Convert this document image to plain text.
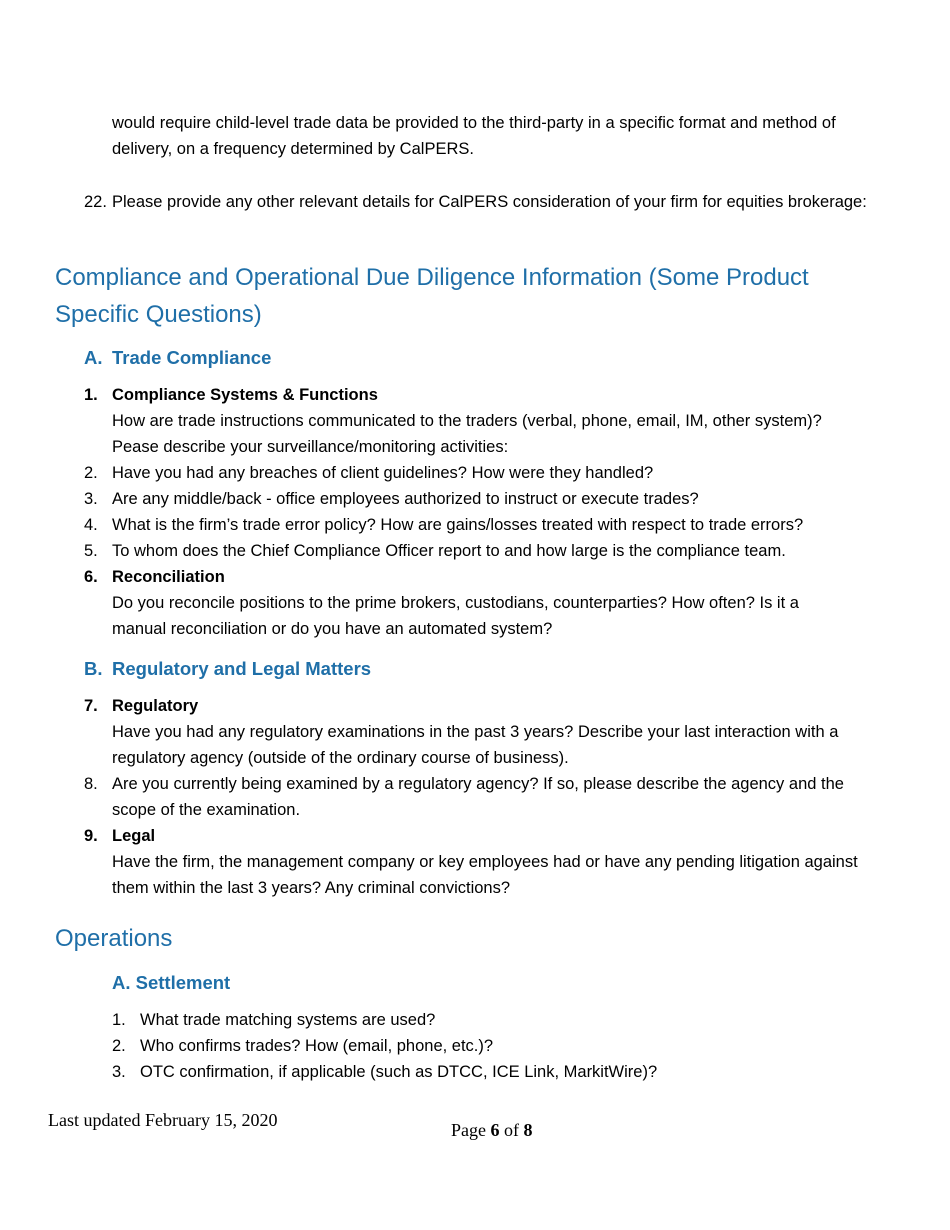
would require child-level trade data be provided to the third-party in a specific format and method of
delivery, on a frequency determined by CalPERS.
22. Please provide any other relevant details for CalPERS consideration of your firm for equities brokerage:
Compliance and Operational Due Diligence Information (Some Product
Specific Questions)
A. Trade Compliance
1. Compliance Systems & Functions
How are trade instructions communicated to the traders (verbal, phone, email, IM, other system)?
Pease describe your surveillance/monitoring activities:
2. Have you had any breaches of client guidelines? How were they handled?
3. Are any middle/back - office employees authorized to instruct or execute trades?
4. What is the firm’s trade error policy? How are gains/losses treated with respect to trade errors?
5. To whom does the Chief Compliance Officer report to and how large is the compliance team.
6. Reconciliation
Do you reconcile positions to the prime brokers, custodians, counterparties? How often? Is it a
manual reconciliation or do you have an automated system?
B. Regulatory and Legal Matters
7. Regulatory
Have you had any regulatory examinations in the past 3 years? Describe your last interaction with a
regulatory agency (outside of the ordinary course of business).
8. Are you currently being examined by a regulatory agency? If so, please describe the agency and the
scope of the examination.
9. Legal
Have the firm, the management company or key employees had or have any pending litigation against
them within the last 3 years? Any criminal convictions?
Operations
A. Settlement
1. What trade matching systems are used?
2. Who confirms trades? How (email, phone, etc.)?
3. OTC confirmation, if applicable (such as DTCC, ICE Link, MarkitWire)?
Last updated February 15, 2020	Page 6 of 8
